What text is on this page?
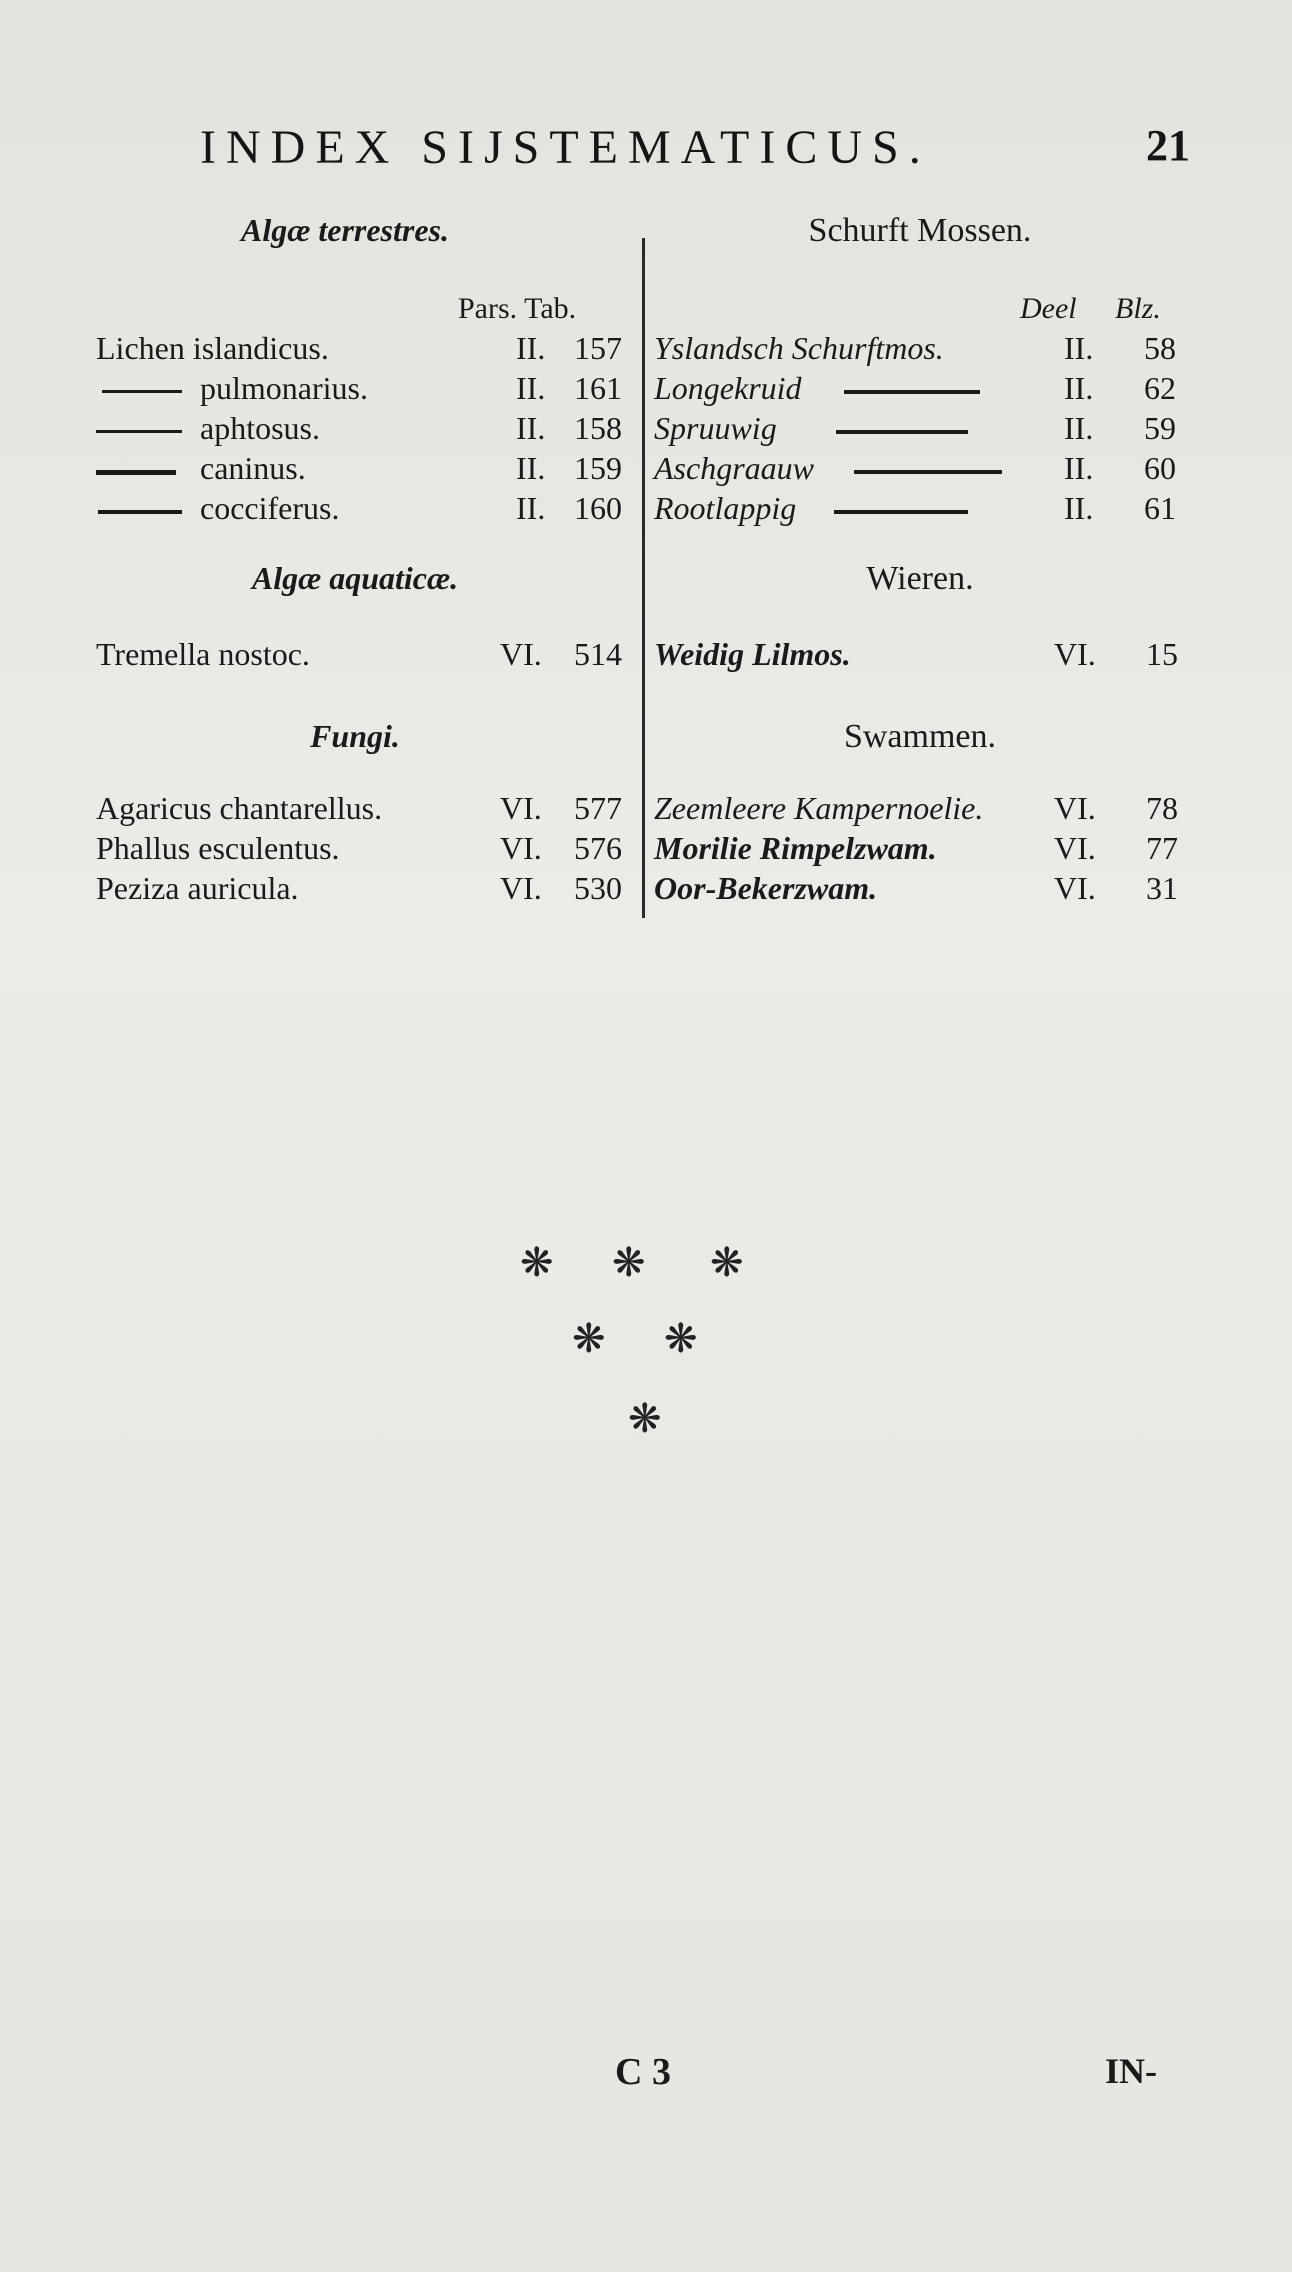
INDEX SIJSTEMATICUS.	21
Algæ terrestres.
Pars. Tab.
Lichen islandicus.	II. 157
pulmonarius.	II. 161
aphtosus.	II. 158
caninus.	II. 159
cocciferus.	II. 160
Algæ aquaticæ.
Tremella nostoc.	VI. 514
Fungi.
Agaricus chantarellus.	VI. 577
Phallus esculentus.	VI. 576
Peziza auricula.	VI. 530
Schurft Mossen.
Deel Blz.
Yslandsch Schurftmos.	II. 58
Longekruid	II. 62
Spruuwig	II. 59
Aschgraauw	II. 60
Rootlappig	II. 61
Wieren.
Weidig Lilmos.	VI. 15
Swammen.
Zeemleere Kampernoelie. VI. 78
Morilie Rimpelzwam.	VI. 77
Oor-Bekerzwam.	VI. 31
❋ ❋ ❋
❋ ❋
❋
C 3	IN-
